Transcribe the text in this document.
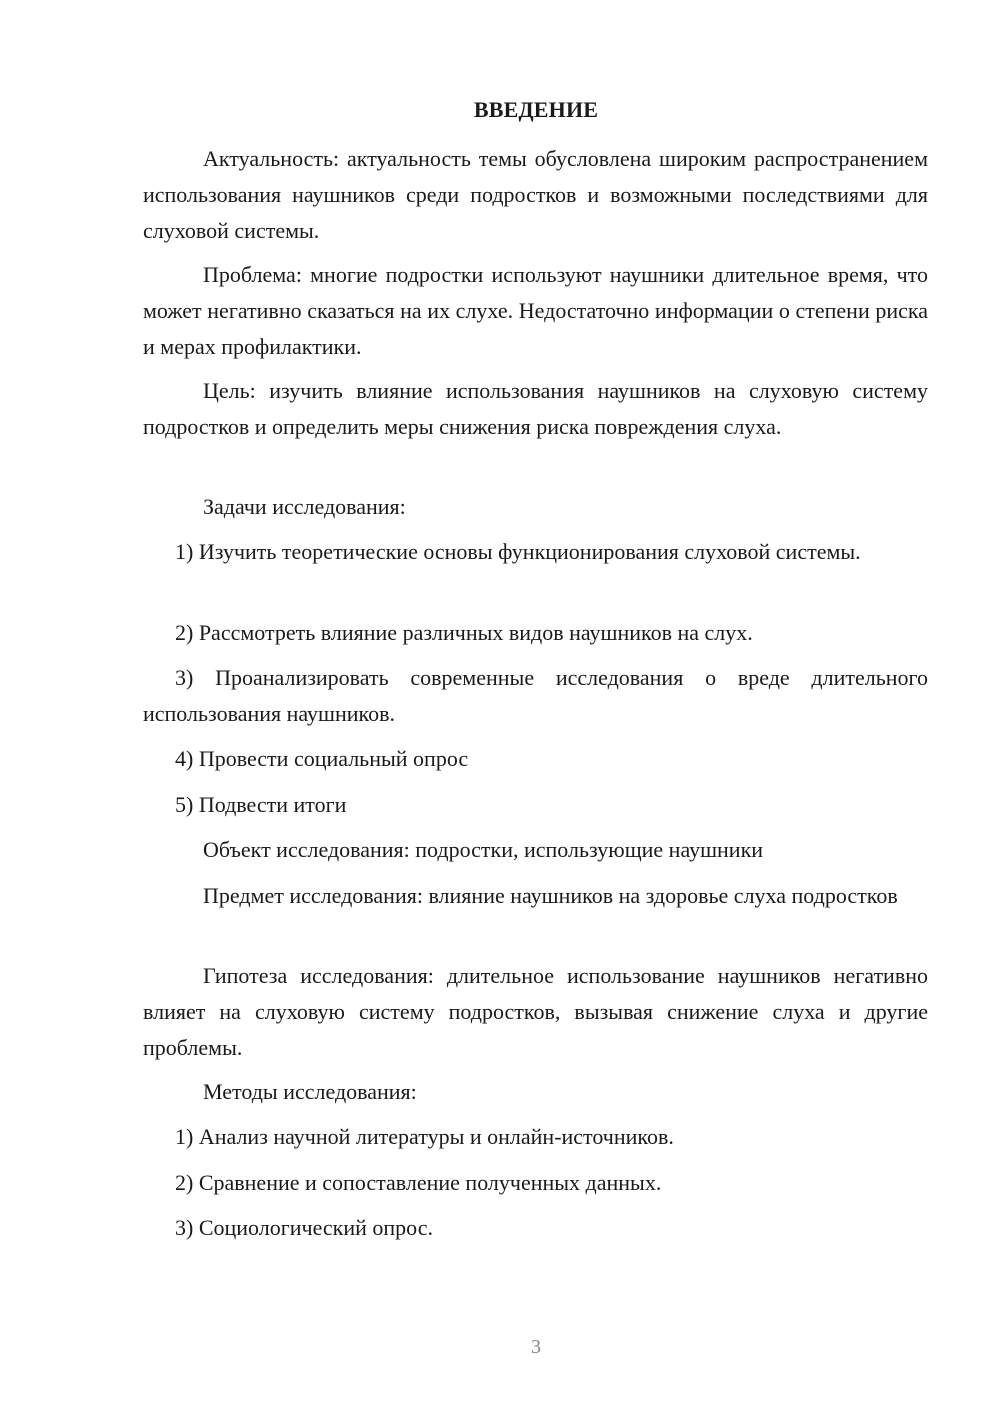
ВВЕДЕНИЕ

Актуальность: актуальность темы обусловлена широким распространением использования наушников среди подростков и возможными последствиями для слуховой системы.

Проблема: многие подростки используют наушники длительное время, что может негативно сказаться на их слухе. Недостаточно информации о степени риска и мерах профилактики.

Цель: изучить влияние использования наушников на слуховую систему подростков и определить меры снижения риска повреждения слуха.

Задачи исследования:

1) Изучить теоретические основы функционирования слуховой системы.

2) Рассмотреть влияние различных видов наушников на слух.

3) Проанализировать современные исследования о вреде длительного использования наушников.

4) Провести социальный опрос

5) Подвести итоги

Объект исследования: подростки, использующие наушники

Предмет исследования: влияние наушников на здоровье слуха подростков

Гипотеза исследования: длительное использование наушников негативно влияет на слуховую систему подростков, вызывая снижение слуха и другие проблемы.

Методы исследования:

1) Анализ научной литературы и онлайн-источников.

2) Сравнение и сопоставление полученных данных.

3) Социологический опрос.

3
